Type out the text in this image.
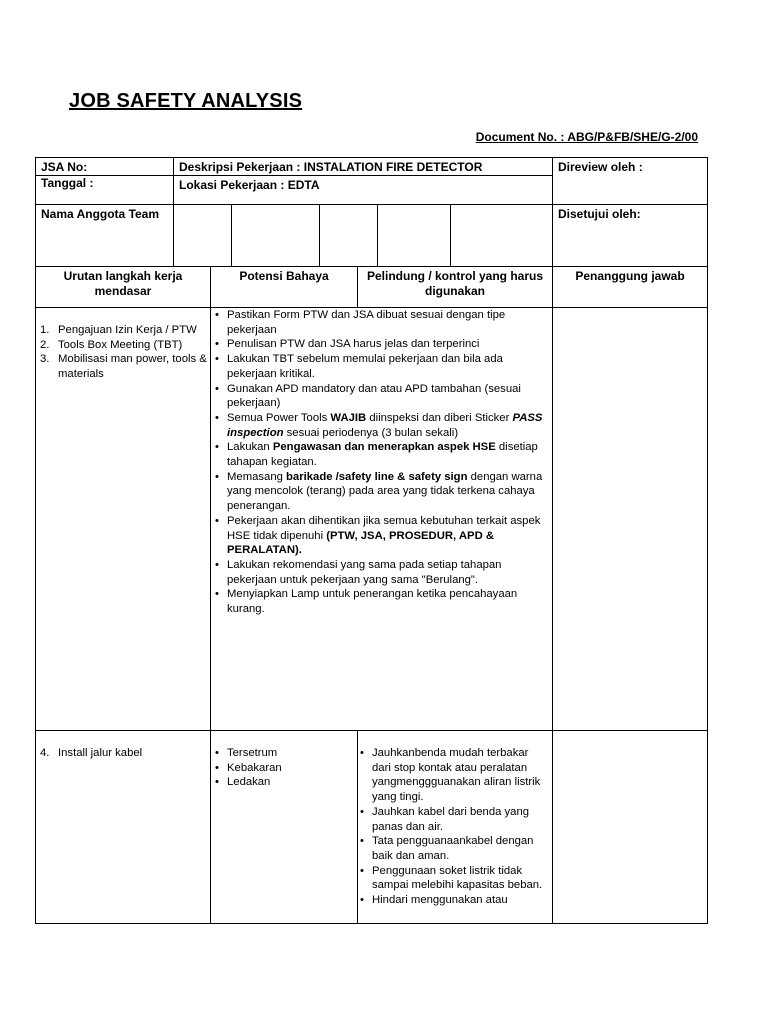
JOB SAFETY ANALYSIS
Document No. : ABG/P&FB/SHE/G-2/00
JSA No:
Tanggal :
Deskripsi Pekerjaan : INSTALATION FIRE DETECTOR
Lokasi Pekerjaan : EDTA
Direview oleh :
Nama Anggota Team	Disetujui oleh:
Urutan langkah kerja mendasar
Potensi Bahaya	Pelindung / kontrol yang harus digunakan
Penanggung jawab
1. Pengajuan Izin Kerja / PTW
2. Tools Box Meeting (TBT)
3. Mobilisasi man power, tools & materials
• Pastikan Form PTW dan JSA dibuat sesuai dengan tipe pekerjaan
• Penulisan PTW dan JSA harus jelas dan terperinci
• Lakukan TBT sebelum memulai pekerjaan dan bila ada pekerjaan kritikal.
• Gunakan APD mandatory dan atau APD tambahan (sesuai pekerjaan)
• Semua Power Tools WAJIB diinspeksi dan diberi Sticker PASS inspection sesuai periodenya (3 bulan sekali)
• Lakukan Pengawasan dan menerapkan aspek HSE disetiap tahapan kegiatan.
• Memasang barikade /safety line & safety sign dengan warna yang mencolok (terang) pada area yang tidak terkena cahaya penerangan.
• Pekerjaan akan dihentikan jika semua kebutuhan terkait aspek HSE tidak dipenuhi (PTW, JSA, PROSEDUR, APD & PERALATAN).
• Lakukan rekomendasi yang sama pada setiap tahapan pekerjaan untuk pekerjaan yang sama "Berulang".
• Menyiapkan Lamp untuk penerangan ketika pencahayaan kurang.
4. Install jalur kabel
•	Tersetrum
• Kebakaran
• Ledakan
• Jauhkanbenda mudah terbakar dari stop kontak atau peralatan yangmenggguanakan aliran listrik yang tingi.
• Jauhkan kabel dari benda yang panas dan air.
• Tata pengguanaankabel dengan baik dan aman.
• Penggunaan soket listrik tidak sampai melebihi kapasitas beban.
• Hindari menggunakan atau
